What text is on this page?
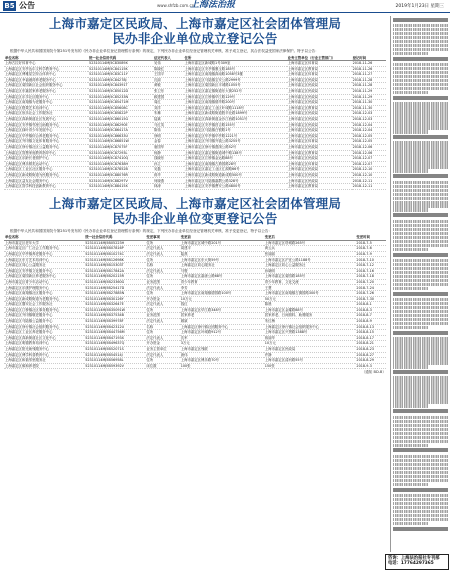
B5 公告	www.shfzb.com.cn
上海法治报	2019年1月23日 星期三
上海市嘉定区民政局、上海市嘉定区社会团体管理局
民办非企业单位成立登记公告
根据中华人民共和国国务院令第251号发布的《民办非企业单位登记管理暂行条例》的规定，下列民办非企业单位经登记管理机关审核，准予成立登记，其合法权益受国家法律保护。特予以公告：
单位名称	统一社会信用代码	法定代表人	住所	业务主管单位（行业主管部门）	登记时间
上海古拉好体育中心	52310114MJ5C83089X	吴伟	上海市嘉定区新城路1号309室	上海市嘉定区体育局	2018-11-26
上海嘉定区安亭达尔文科学教育中心	52310114MJ5C84115K	陈晓红	上海市嘉定区安亭镇墨玉路185号	上海市嘉定区教育局	2018-11-26
上海嘉定区博雅星空综合体育中心	52310114MJ5C83C11Y	王国平	上海市嘉定区南翔镇真南路1058号3楼	上海市嘉定区体育局	2018-11-27
上海嘉定区幸福港湾养老服务中心	52310114MJ5C84278J	沈丽	上海市嘉定区马陆镇宝安公路2999号	上海市嘉定区民政局	2018-11-28
上海嘉定区菊园新区社会组织服务中心	52310114MJ5C84391T	黄敏	上海市嘉定区菊园新区平城路1055号	上海市嘉定区民政局	2018-11-28
上海嘉定区东篱居家养老服务中心	52310114MJ5C85012D	张卫东	上海市嘉定区嘉定镇街道东大街252号	上海市嘉定区民政局	2018-11-29
上海嘉定区乐享社区服务中心	52310114MJ5C85233N	顾建国	上海市嘉定区江桥镇华江路129号	上海市嘉定区民政局	2018-11-29
上海嘉定区南翔镇为老服务中心	52310114MJ5C85471M	周红	上海市嘉定区南翔镇德华路200号	上海市嘉定区民政局	2018-11-30
上海嘉定区橙果艺术培训中心	52310114MJ5C85608C	刘洋	上海市嘉定区嘉定工业区叶城路1118号	上海市嘉定区教育局	2018-11-30
上海嘉定区欣乐社会工作服务社	52310114MJ5C85822P	朱琳	上海市嘉定区新成路街道胜辛北路1899号	上海市嘉定区民政局	2018-12-03
上海嘉定区真新街道社区发展中心	52310114MJ5C86015G	陆斌	上海市嘉定区真新街道金沙江西路1051号	上海市嘉定区民政局	2018-12-03
上海嘉定区安亭镇邻里互助服务中心	52310114MJ5C86290E	马红英	上海市嘉定区安亭镇昌吉路155号	上海市嘉定区民政局	2018-12-04
上海嘉定区绿叶青少年发展中心	52310114MJ5C86417A	陈伟	上海市嘉定区马陆镇白银路1号	上海市嘉定区民政局	2018-12-04
上海嘉定区华亭镇综合养老服务中心	52310114MJ5C86633U	徐明	上海市嘉定区华亭镇华亭路1221号	上海市嘉定区民政局	2018-12-05
上海嘉定区外冈镇文化体育服务中心	52310114MJ5C86851W	金春	上海市嘉定区外冈镇外钱公路3255号	上海市嘉定区体育局	2018-12-05
上海嘉定区徐行镇社区公益服务中心	52310114MJ5C87075F	唐国华	上海市嘉定区徐行镇澄浏公路52号	上海市嘉定区民政局	2018-12-06
上海嘉定区智慧家庭教育指导中心	52310114MJ5C87293L	杨静	上海市嘉定区嘉定镇街道城中路138号	上海市嘉定区教育局	2018-12-06
上海嘉定区乐龄长者照护中心	52310114MJ5C87410Q	钱晓东	上海市嘉定区江桥镇金运路88号	上海市嘉定区民政局	2018-12-07
上海嘉定区博乐棋类运动中心	52310114MJ5C87638H	孙立	上海市嘉定区南翔镇古猗园路28号	上海市嘉定区体育局	2018-12-07
上海嘉定区工业区社区服务中心	52310114MJ5C87852B	吴磊	上海市嘉定区嘉定工业区汇源路66号	上海市嘉定区民政局	2018-12-10
上海嘉定区新成路街道为民服务中心	52310114MJ5C88076R	蒋华	上海市嘉定区新成路街道新成路500号	上海市嘉定区民政局	2018-12-10
上海嘉定区益友社会服务中心	52310114MJ5C88297V	何晓燕	上海市嘉定区马陆镇嘉戬公路328号	上海市嘉定区民政局	2018-12-11
上海嘉定区智学科技创新教育中心	52310114MJ5C88415X	林涛	上海市嘉定区安亭镇曹安公路4800号	上海市嘉定区教育局	2018-12-11
上海市嘉定区民政局、上海市嘉定区社会团体管理局
民办非企业单位变更登记公告
根据中华人民共和国国务院令第251号发布的《民办非企业单位登记管理暂行条例》的规定，下列民办非企业单位经登记管理机关审核，准予变更登记，特予以公告：
单位名称	统一社会信用代码	变更事项	变更前	变更后	变更时间
上海市嘉定区老年大学	52310114MJ5B05223H	住所	上海市嘉定区城中路201号	上海市嘉定区塔城路265号	2018-7-5
上海市嘉定区广仁社会工作服务中心	52310114MJ5B07816P	法定代表人	周建平	黄云兵	2018-7-6
上海嘉定区华亭镇养老服务中心	52310114MJ5B10274C	法定代表人	陆燕	张丽丽	2018-7-9
上海嘉定区东方艺术培训中心	52310114MJ5B12698K	住所	上海市嘉定区东大街59号	上海市嘉定区沪宜公路1188号	2018-7-10
上海嘉定区同心公益服务社	52310114MJ5B15303T	名称	上海嘉定区同心服务社	上海嘉定区同心公益服务社	2018-7-12
上海嘉定区安亭镇文化服务中心	52310114MJ5B17842A	法定代表人	马骏	孙晓明	2018-7-16
上海嘉定区菊园新区养老服务中心	52310114MJ5B20215R	住所	上海市嘉定区嘉唐公路68号	上海市嘉定区菊园路185号	2018-7-18
上海市嘉定区青少年活动中心	52310114MJ5B23360G	业务范围	青少年教育	青少年教育、文化交流	2018-7-20
上海嘉定区乐康护理服务中心	52310114MJ5B25417D	法定代表人	李芳	王慧	2018-7-24
上海嘉定区南翔镇社区服务中心	52310114MJ5B27885N	住所	上海市嘉定区南翔镇德园路100号	上海市嘉定区南翔镇古漪园路300号	2018-7-26
上海嘉定区新成路街道为老服务中心	52310114MJ5B30126Y	开办资金	10万元	50万元	2018-7-30
上海嘉定区馨安社会工作服务社	52310114MJ5B32647E	法定代表人	钱红	陈晨	2018-8-1
上海嘉定区江桥镇社区事务服务中心	52310114MJ5B35091W	住所	上海市嘉定区华江路348号	上海市嘉定区金耀路88号	2018-8-3
上海嘉定区外冈镇敬老服务中心	52310114MJ5B37534B	业务范围	居家养老	居家养老、日间照料、助餐服务	2018-8-7
上海嘉定区马陆镇公益服务中心	52310114MJ5B39978F	法定代表人	顾斌	朱红梅	2018-8-9
上海嘉定区徐行镇社会组织服务中心	52310114MJ5B42312U	名称	上海嘉定区徐行镇社团服务中心	上海嘉定区徐行镇社会组织服务中心	2018-8-13
上海嘉定区工业区养老服务中心	52310114MJ5B44756M	住所	上海市嘉定区叶城路912号	上海市嘉定区兴贤路1388号	2018-8-15
上海嘉定区真新街道社区文化中心	52310114MJ5B47193X	法定代表人	沈军	蒋丽华	2018-8-17
上海嘉定区明德教育培训中心	52310114MJ5B49637Q	开办资金	3万元	10万元	2018-8-21
上海嘉定区阳光助残服务中心	52310114MJ5B52071S	业务主管单位	上海市嘉定区残联	上海市嘉定区民政局	2018-8-23
上海嘉定区博学科普教育中心	52310114MJ5B54514J	法定代表人	唐伟	许静	2018-8-27
上海嘉定区和谐邻里服务社	52310114MJ5B56958L	住所	上海市嘉定区博乐路70号	上海市嘉定区清河路55号	2018-8-29
上海嘉定区颐和养老院	52310114MJ5B59392V	床位数	100张	150张	2018-9-3
（通知 BD-B）
咨询：上海法治报社专刊部
电话：17764297365
